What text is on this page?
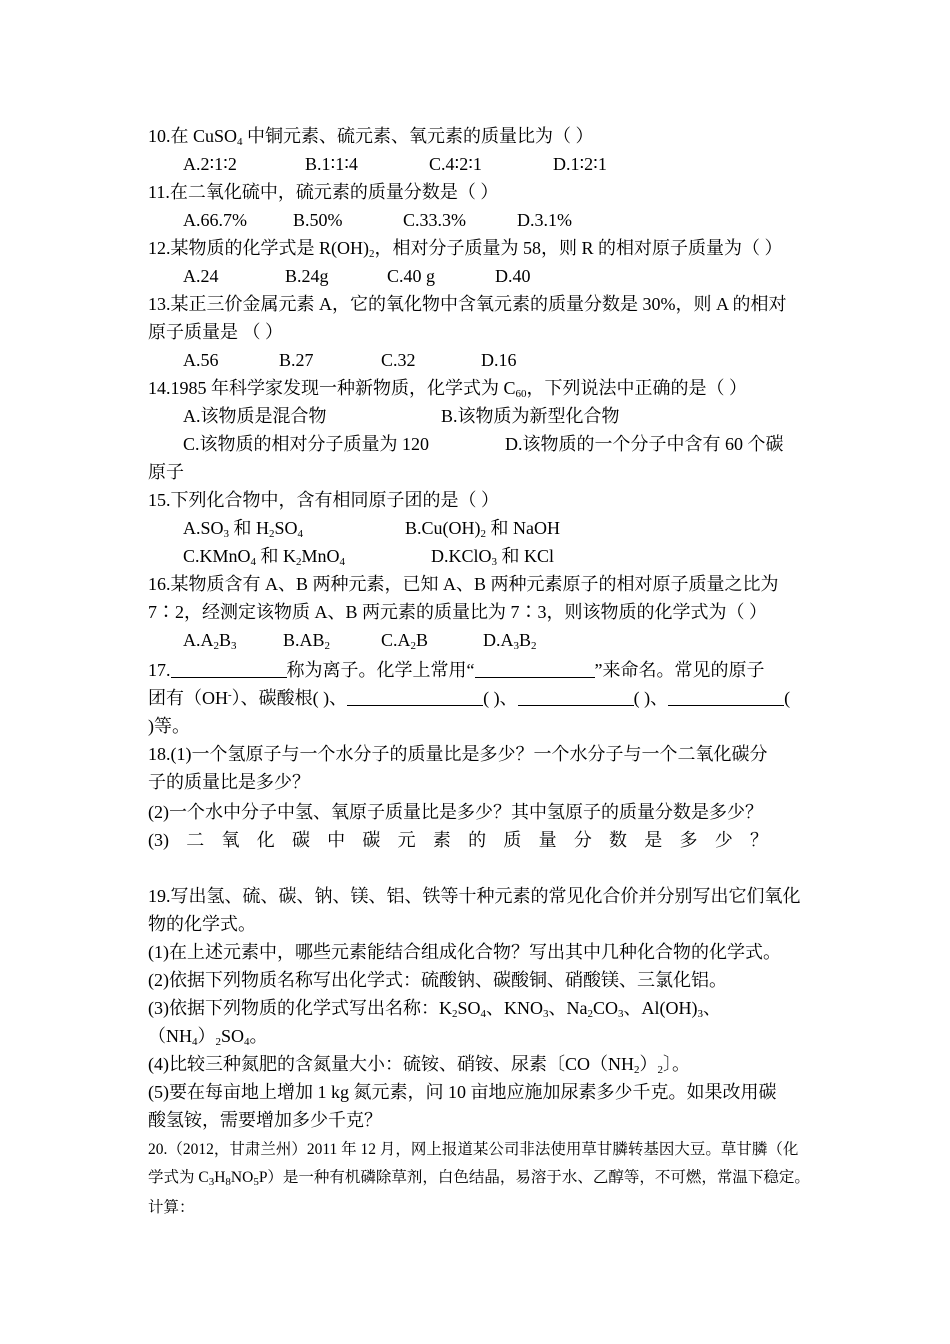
10.在 CuSO$_4$ 中铜元素、硫元素、氧元素的质量比为（ ）
A.2∶1∶2	B.1∶1∶4	C.4∶2∶1	D.1∶2∶1
11.在二氧化硫中，硫元素的质量分数是（ ）
A.66.7%	B.50%	C.33.3%	D.3.1%
12.某物质的化学式是 $R(OH)_2$，相对分子质量为 58，则 R 的相对原子质量为（ ）
A.24	B.24g	C.40 g	D.40
13.某正三价金属元素 A，它的氧化物中含氧元素的质量分数是 30%，则 A 的相对
原子质量是 （ ）
A.56	B.27	C.32	D.16
14.1985 年科学家发现一种新物质，化学式为 $C_{60}$，下列说法中正确的是（ ）
A.该物质是混合物	B.该物质为新型化合物
C.该物质的相对分子质量为 120	D.该物质的一个分子中含有 60 个碳
原子
15.下列化合物中，含有相同原子团的是（ ）
$A.SO_3$ 和 $H_2SO_4$	$B.Cu(OH)_2$ 和 NaOH
C.KMnO$_4$ 和 $K_2MnO_4$	D.KClO$_3$ 和 KCl
16.某物质含有 A、B 两种元素，已知 A、B 两种元素原子的相对原子质量之比为
7∶2，经测定该物质 A、B 两元素的质量比为 7∶3，则该物质的化学式为（ ）
$A.A_2B_3$	$B.AB_2$	$C.A_2B$	$D.A_3B_2$
17.	称为离子。化学上常用“	”来命名。常见的原子
团有（OH-）、碳酸根( )、	( )、	( )、	(
)等。
18.(1)一个氢原子与一个水分子的质量比是多少？一个水分子与一个二氧化碳分
子的质量比是多少？
(2)一个水中分子中氢、氧原子质量比是多少？其中氢原子的质量分数是多少？
(3) 二 氧 化 碳 中 碳 元 素 的 质 量 分 数 是 多 少 ？
19.写出氢、硫、碳、钠、镁、铝、铁等十种元素的常见化合价并分别写出它们氧化
物的化学式。
(1)在上述元素中，哪些元素能结合组成化合物？写出其中几种化合物的化学式。
(2)依据下列物质名称写出化学式：硫酸钠、碳酸铜、硝酸镁、三氯化铝。
(3)依据下列物质的化学式写出名称：$K_2SO_4$、$KNO_3$、$Na_2CO_3$、$Al(OH)_3$、
$(NH_4)_2SO_4$。
(4)比较三种氮肥的含氮量大小：硫铵、硝铵、尿素〔$CO(NH_2)_2$〕。
(5)要在每亩地上增加 1 kg 氮元素，问 10 亩地应施加尿素多少千克。如果改用碳
酸氢铵，需要增加多少千克？
20.（2012，甘肃兰州）2011 年 12 月，网上报道某公司非法使用草甘膦转基因大豆。草甘膦（化
学式为 $C_3H_8NO_5P$）是一种有机磷除草剂，白色结晶，易溶于水、乙醇等，不可燃，常温下稳定。
计算：
